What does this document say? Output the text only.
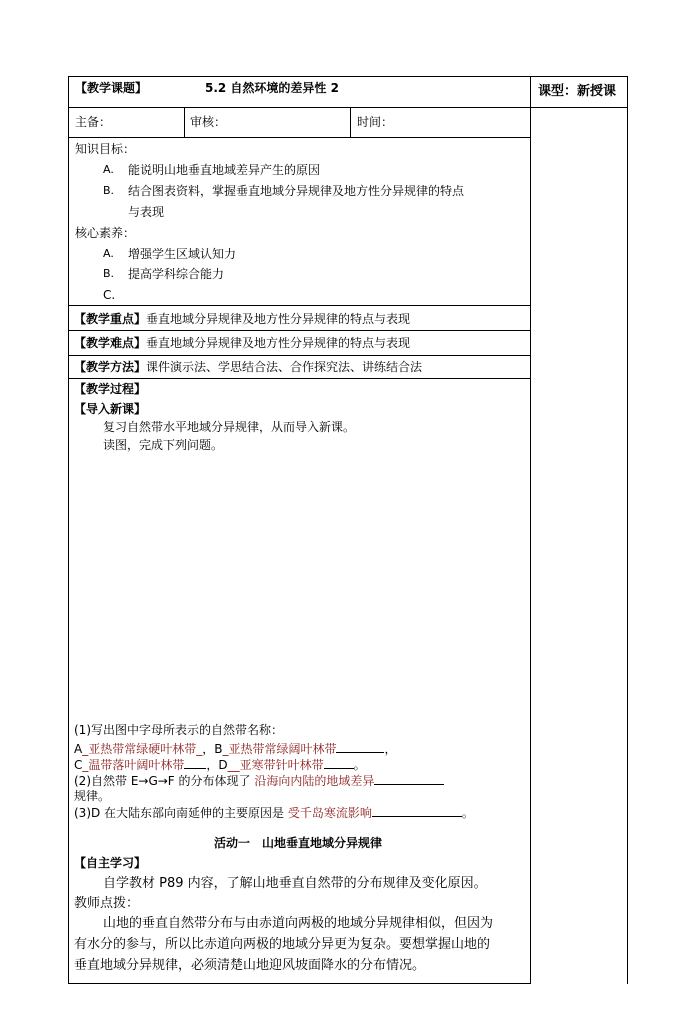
【教学课题】	5.2 自然环境的差异性 2	课型：新授课
主备：	审核：	时间：
知识目标：
A. 能说明山地垂直地域差异产生的原因
B. 结合图表资料，掌握垂直地域分异规律及地方性分异规律的特点
与表现
核心素养：
A. 增强学生区域认知力
B. 提高学科综合能力
C.
【教学重点】垂直地域分异规律及地方性分异规律的特点与表现
【教学难点】垂直地域分异规律及地方性分异规律的特点与表现
【教学方法】课件演示法、学思结合法、合作探究法、讲练结合法
【教学过程】
【导入新课】
复习自然带水平地域分异规律，从而导入新课。
读图，完成下列问题。
(1)写出图中字母所表示的自然带名称：
A_亚热带常绿硬叶林带_，B_亚热带常绿阔叶林带	，
C_温带落叶阔叶林带 ，D__亚寒带针叶林带	。
(2)自然带 E→G→F 的分布体现了 沿海向内陆的地域差异
规律。
(3)D 在大陆东部向南延伸的主要原因是 受千岛寒流影响	。
活动一　山地垂直地域分异规律
【自主学习】
自学教材 P89 内容，了解山地垂直自然带的分布规律及变化原因。
教师点拨：
山地的垂直自然带分布与由赤道向两极的地域分异规律相似，但因为
有水分的参与，所以比赤道向两极的地域分异更为复杂。要想掌握山地的
垂直地域分异规律，必须清楚山地迎风坡面降水的分布情况。
